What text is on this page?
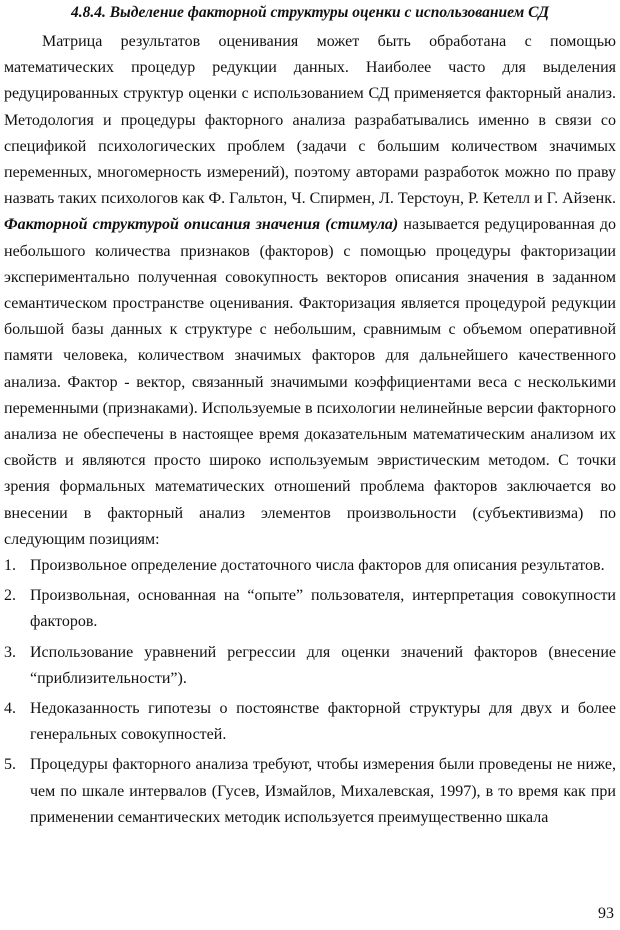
4.8.4. Выделение факторной структуры оценки с использованием СД

Матрица результатов оценивания может быть обработана с помощью математических процедур редукции данных. Наиболее часто для выделения редуцированных структур оценки с использованием СД применяется факторный анализ. Методология и процедуры факторного анализа разрабатывались именно в связи со спецификой психологических проблем (задачи с большим количеством значимых переменных, многомерность измерений), поэтому авторами разработок можно по праву назвать таких психологов как Ф. Гальтон, Ч. Спирмен, Л. Терстоун, Р. Кетелл и Г. Айзенк. Факторной структурой описания значения (стимула) называется редуцированная до небольшого количества признаков (факторов) с помощью процедуры факторизации экспериментально полученная совокупность векторов описания значения в заданном семантическом пространстве оценивания. Факторизация является процедурой редукции большой базы данных к структуре с небольшим, сравнимым с объемом оперативной памяти человека, количеством значимых факторов для дальнейшего качественного анализа. Фактор - вектор, связанный значимыми коэффициентами веса с несколькими переменными (признаками). Используемые в психологии нелинейные версии факторного анализа не обеспечены в настоящее время доказательным математическим анализом их свойств и являются просто широко используемым эвристическим методом. С точки зрения формальных математических отношений проблема факторов заключается во внесении в факторный анализ элементов произвольности (субъективизма) по следующим позициям:

1. Произвольное определение достаточного числа факторов для описания результатов.
2. Произвольная, основанная на “опыте” пользователя, интерпретация совокупности факторов.
3. Использование уравнений регрессии для оценки значений факторов (внесение “приблизительности”).
4. Недоказанность гипотезы о постоянстве факторной структуры для двух и более генеральных совокупностей.
5. Процедуры факторного анализа требуют, чтобы измерения были проведены не ниже, чем по шкале интервалов (Гусев, Измайлов, Михалевская, 1997), в то время как при применении семантических методик используется преимущественно шкала
93
